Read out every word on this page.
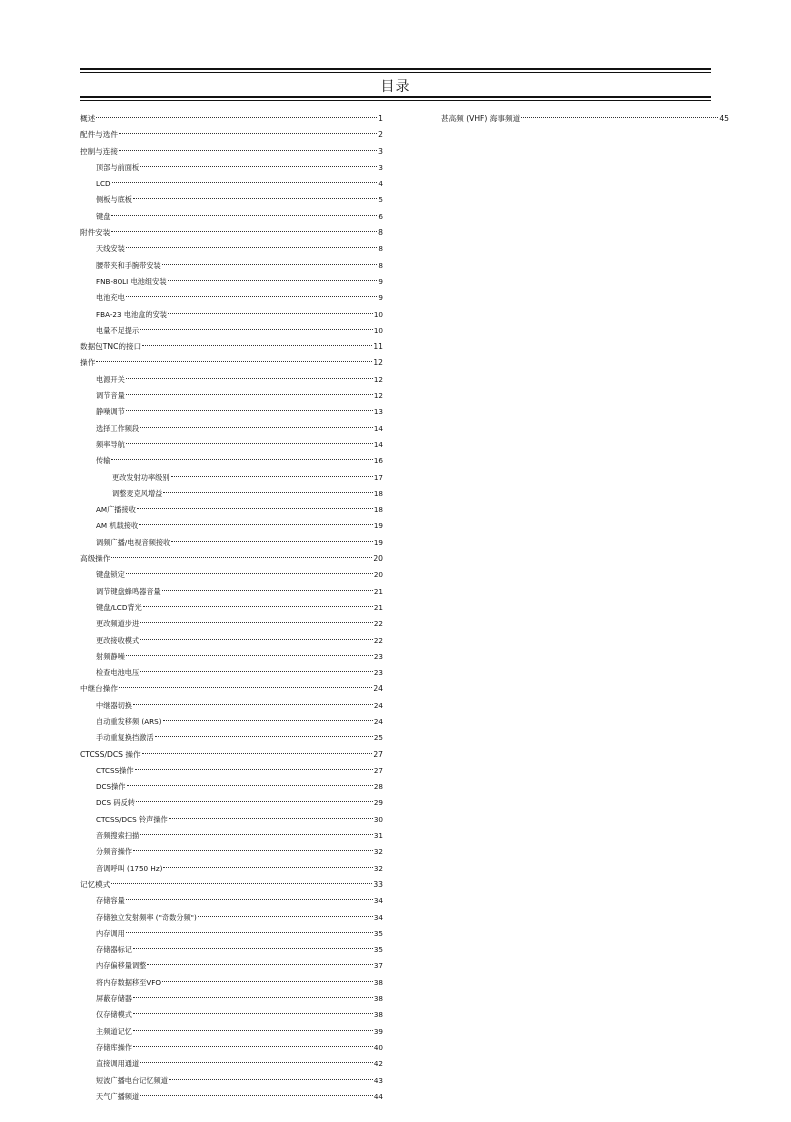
目录
概述	1
配件与选件	2
控制与连接	3
顶部与前面板	3
LCD	4
侧板与底板	5
键盘	6
附件安装	8
天线安装	8
腰带夹和手腕带安装	8
FNB-80LI 电池组安装	9
电池充电	9
FBA-23 电池盒的安装	10
电量不足提示	10
数据包TNC的接口	11
操作	12
电源开关	12
调节音量	12
静噪调节	13
选择工作频段	14
频率导航	14
传输	16
更改发射功率级别	17
调整麦克风增益	18
AM广播接收	18
AM 机载接收	19
调频广播/电视音频接收	19
高级操作	20
键盘锁定	20
调节键盘蜂鸣器音量	21
键盘/LCD背光	21
更改频道步进	22
更改接收模式	22
射频静噪	23
检查电池电压	23
中继台操作	24
中继器切换	24
自动重发移频 (ARS)	24
手动重复换挡激活	25
CTCSS/DCS 操作	27
CTCSS操作	27
DCS操作	28
DCS 码反转	29
CTCSS/DCS 铃声操作	30
音频搜索扫描	31
分频音操作	32
音调呼叫 (1750 Hz)	32
记忆模式	33
存储容量	34
存储独立发射频率 ("奇数分频")	34
内存调用	35
存储器标记	35
内存偏移量调整	37
将内存数据移至VFO	38
屏蔽存储器	38
仅存储模式	38
主频道记忆	39
存储库操作	40
直接调用通道	42
短波广播电台记忆频道	43
天气广播频道	44
甚高频 (VHF) 海事频道	45
